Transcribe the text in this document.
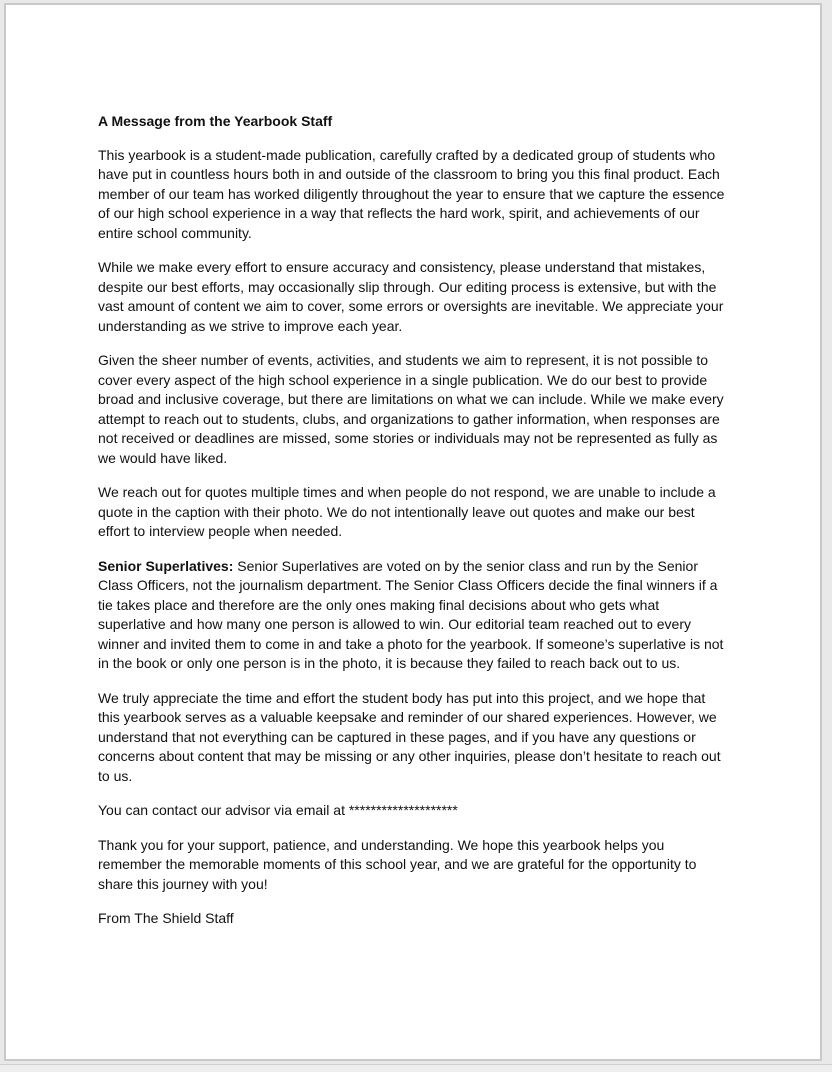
A Message from the Yearbook Staff

This yearbook is a student-made publication, carefully crafted by a dedicated group of students who have put in countless hours both in and outside of the classroom to bring you this final product. Each member of our team has worked diligently throughout the year to ensure that we capture the essence of our high school experience in a way that reflects the hard work, spirit, and achievements of our entire school community.

While we make every effort to ensure accuracy and consistency, please understand that mistakes, despite our best efforts, may occasionally slip through. Our editing process is extensive, but with the vast amount of content we aim to cover, some errors or oversights are inevitable. We appreciate your understanding as we strive to improve each year.

Given the sheer number of events, activities, and students we aim to represent, it is not possible to cover every aspect of the high school experience in a single publication. We do our best to provide broad and inclusive coverage, but there are limitations on what we can include. While we make every attempt to reach out to students, clubs, and organizations to gather information, when responses are not received or deadlines are missed, some stories or individuals may not be represented as fully as we would have liked.

We reach out for quotes multiple times and when people do not respond, we are unable to include a quote in the caption with their photo. We do not intentionally leave out quotes and make our best effort to interview people when needed.

Senior Superlatives: Senior Superlatives are voted on by the senior class and run by the Senior Class Officers, not the journalism department. The Senior Class Officers decide the final winners if a tie takes place and therefore are the only ones making final decisions about who gets what superlative and how many one person is allowed to win. Our editorial team reached out to every winner and invited them to come in and take a photo for the yearbook. If someone’s superlative is not in the book or only one person is in the photo, it is because they failed to reach back out to us.

We truly appreciate the time and effort the student body has put into this project, and we hope that this yearbook serves as a valuable keepsake and reminder of our shared experiences. However, we understand that not everything can be captured in these pages, and if you have any questions or concerns about content that may be missing or any other inquiries, please don’t hesitate to reach out to us.

You can contact our advisor via email at ********************

Thank you for your support, patience, and understanding. We hope this yearbook helps you remember the memorable moments of this school year, and we are grateful for the opportunity to share this journey with you!

From The Shield Staff
